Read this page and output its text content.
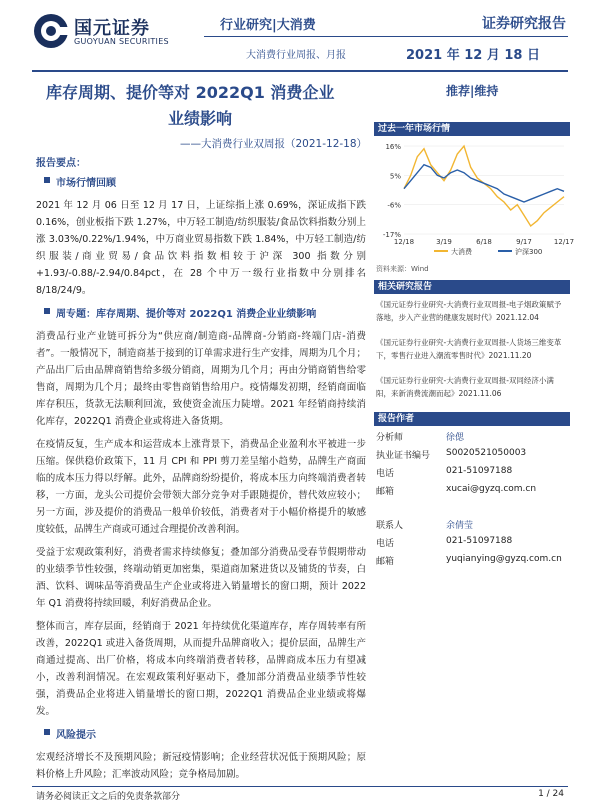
国元证券
GUOYUAN SECURITIES
行业研究|大消费	证券研究报告
大消费行业周报、月报	2021 年 12 月 18 日
库存周期、提价等对 2022Q1 消费企业
业绩影响
——大消费行业双周报（2021-12-18）
推荐|维持
报告要点：
市场行情回顾

2021 年 12 月 06 日至 12 月 17 日，上证综指上涨 0.69%，深证成指下跌 0.16%，创业板指下跌 1.27%，中万轻工制造/纺织服装/食品饮料指数分别上涨 3.03%/0.22%/1.94%，中万商业贸易指数下跌 1.84%，中万轻工制造/纺织服装/商业贸易/食品饮料指数相较于沪深 300 指数分别+1.93/-0.88/-2.94/0.84pct，在 28 个中万一级行业指数中分别排名 8/18/24/9。

周专题：库存周期、提价等对 2022Q1 消费企业业绩影响

消费品行业产业链可拆分为“供应商/制造商-品牌商-分销商-终端门店-消费者”。一般情况下，制造商基于接到的订单需求进行生产安排，周期为几个月；产品出厂后由品牌商销售给多级分销商，周期为几个月；再由分销商销售给零售商，周期为几个月；最终由零售商销售给用户。疫情爆发初期，经销商面临库存积压，货款无法顺利回流，致使资金流压力陡增。2021 年经销商持续消化库存，2022Q1 消费企业或将进入备货期。

在疫情反复，生产成本和运营成本上涨背景下，消费品企业盈利水平被进一步压缩。保供稳价政策下，11 月 CPI 和 PPI 剪刀差呈缩小趋势，品牌生产商面临的成本压力得以纾解。此外，品牌商纷纷提价，将成本压力向终端消费者转移，一方面，龙头公司提价会带领大部分竞争对手跟随提价，替代效应较小；另一方面，涉及提价的消费品一般单价较低，消费者对于小幅价格提升的敏感度较低，品牌生产商或可通过合理提价改善利润。

受益于宏观政策利好，消费者需求持续修复；叠加部分消费品受春节假期带动的业绩季节性较强，终端动销更加密集，渠道商加紧进货以及铺货的节奏，白酒、饮料、调味品等消费品生产企业或将进入销量增长的窗口期，预计 2022 年 Q1 消费将持续回暖，利好消费品企业。

整体而言，库存层面，经销商于 2021 年持续优化渠道库存，库存周转率有所改善，2022Q1 或进入备货周期，从而提升品牌商收入；提价层面，品牌生产商通过提高、出厂价格，将成本向终端消费者转移，品牌商成本压力有望减小，改善利润情况。在宏观政策利好驱动下，叠加部分消费品业绩季节性较强，消费品企业将进入销量增长的窗口期，2022Q1 消费品企业业绩或将爆发。

风险提示

宏观经济增长不及预期风险；新冠疫情影响；企业经营状况低于预期风险；原料价格上升风险；汇率波动风险；竞争格局加剧。

过去一年市场行情
16%
5%
-6%
-17%
12/18	3/19	6/18	9/17	12/17
大消费	沪深300
资料来源：Wind
相关研究报告
《国元证券行业研究-大消费行业双周报-电子烟政策赋予落地，步入产业营的健康发展时代》2021.12.04
《国元证券行业研究-大消费行业双周报-人货场三维变革下，零售行业进入潮流零售时代》2021.11.20
《国元证券行业研究-大消费行业双周报-双同经济小满阳，来新消费流潮而起》2021.11.06
报告作者
分析师	徐偲
执业证书编号 S0020521050003
电话	021-51097188
邮箱	xucai@gyzq.com.cn
联系人	余倩莹
电话	021-51097188
邮箱	yuqianying@gyzq.com.cn
请务必阅读正文之后的免责条款部分	1 / 24
